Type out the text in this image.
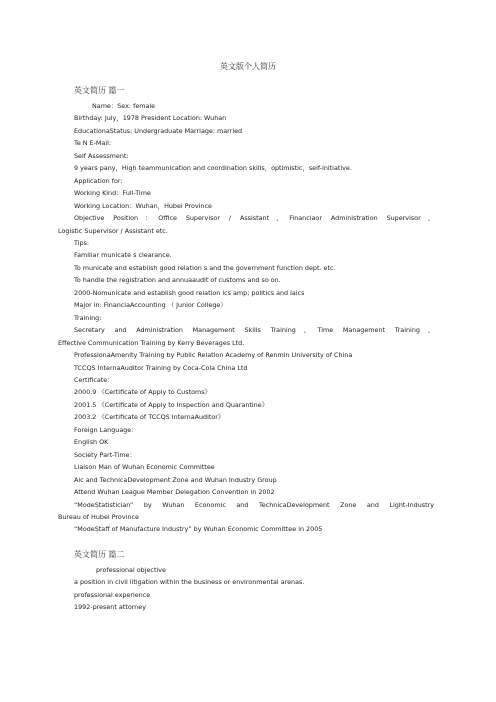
英文版个人简历
英文简历 篇一
Name：Sex: female
Birthday: July，1978 President Location: Wuhan
EducationaStatus: Undergraduate Marriage: married
Te N E-Mail:
Self Assessment:
9 years pany，High teammunication and coordination skills，optimistic，self-initiative.
Application for:
Working Kind：Full-Time
Working Location：Wuhan，Hubei Province
Objective Position：Office Supervisor / Assistant、Financiaor Administration Supervisor、
Logistic Supervisor / Assistant etc.
Tips:
Familiar municate s clearance.
To municate and establish good relation s and the government function dept. etc.
To handle the registration and annuaaudit of customs and so on.
2000-Nomunicate and establish good relation ics amp; politics and laics
Major in: FinanciaAccounting （ Junior College）
Training:
Secretary and Administration Management Skills Training、Time Management Training、
Effective Communication Training by Kerry Beverages Ltd.
ProfessionaAmenity Training by Public Relation Academy of Renmin University of China
TCCQS InternaAuditor Training by Coca-Cola China Ltd
Certificate：
2000.9 《Certificate of Apply to Customs》
2001.5 《Certificate of Apply to Inspection and Quarantine》
2003.2 《Certificate of TCCQS InternaAuditor》
Foreign Language：
English OK
Society Part-Time：
Liaison Man of Wuhan Economic Committee
Aic and TechnicaDevelopment Zone and Wuhan Industry Group
Attend Wuhan League Member Delegation Convention in 2002
“ModeStatistician” by Wuhan Economic and TechnicaDevelopment Zone and Light-Industry
Bureau of Hubei Province
“ModeStaff of Manufacture Industry” by Wuhan Economic Committee in 2005
英文简历 篇二
professional objective
a position in civil litigation within the business or environmental arenas.
professional experience
1992-present attorney
